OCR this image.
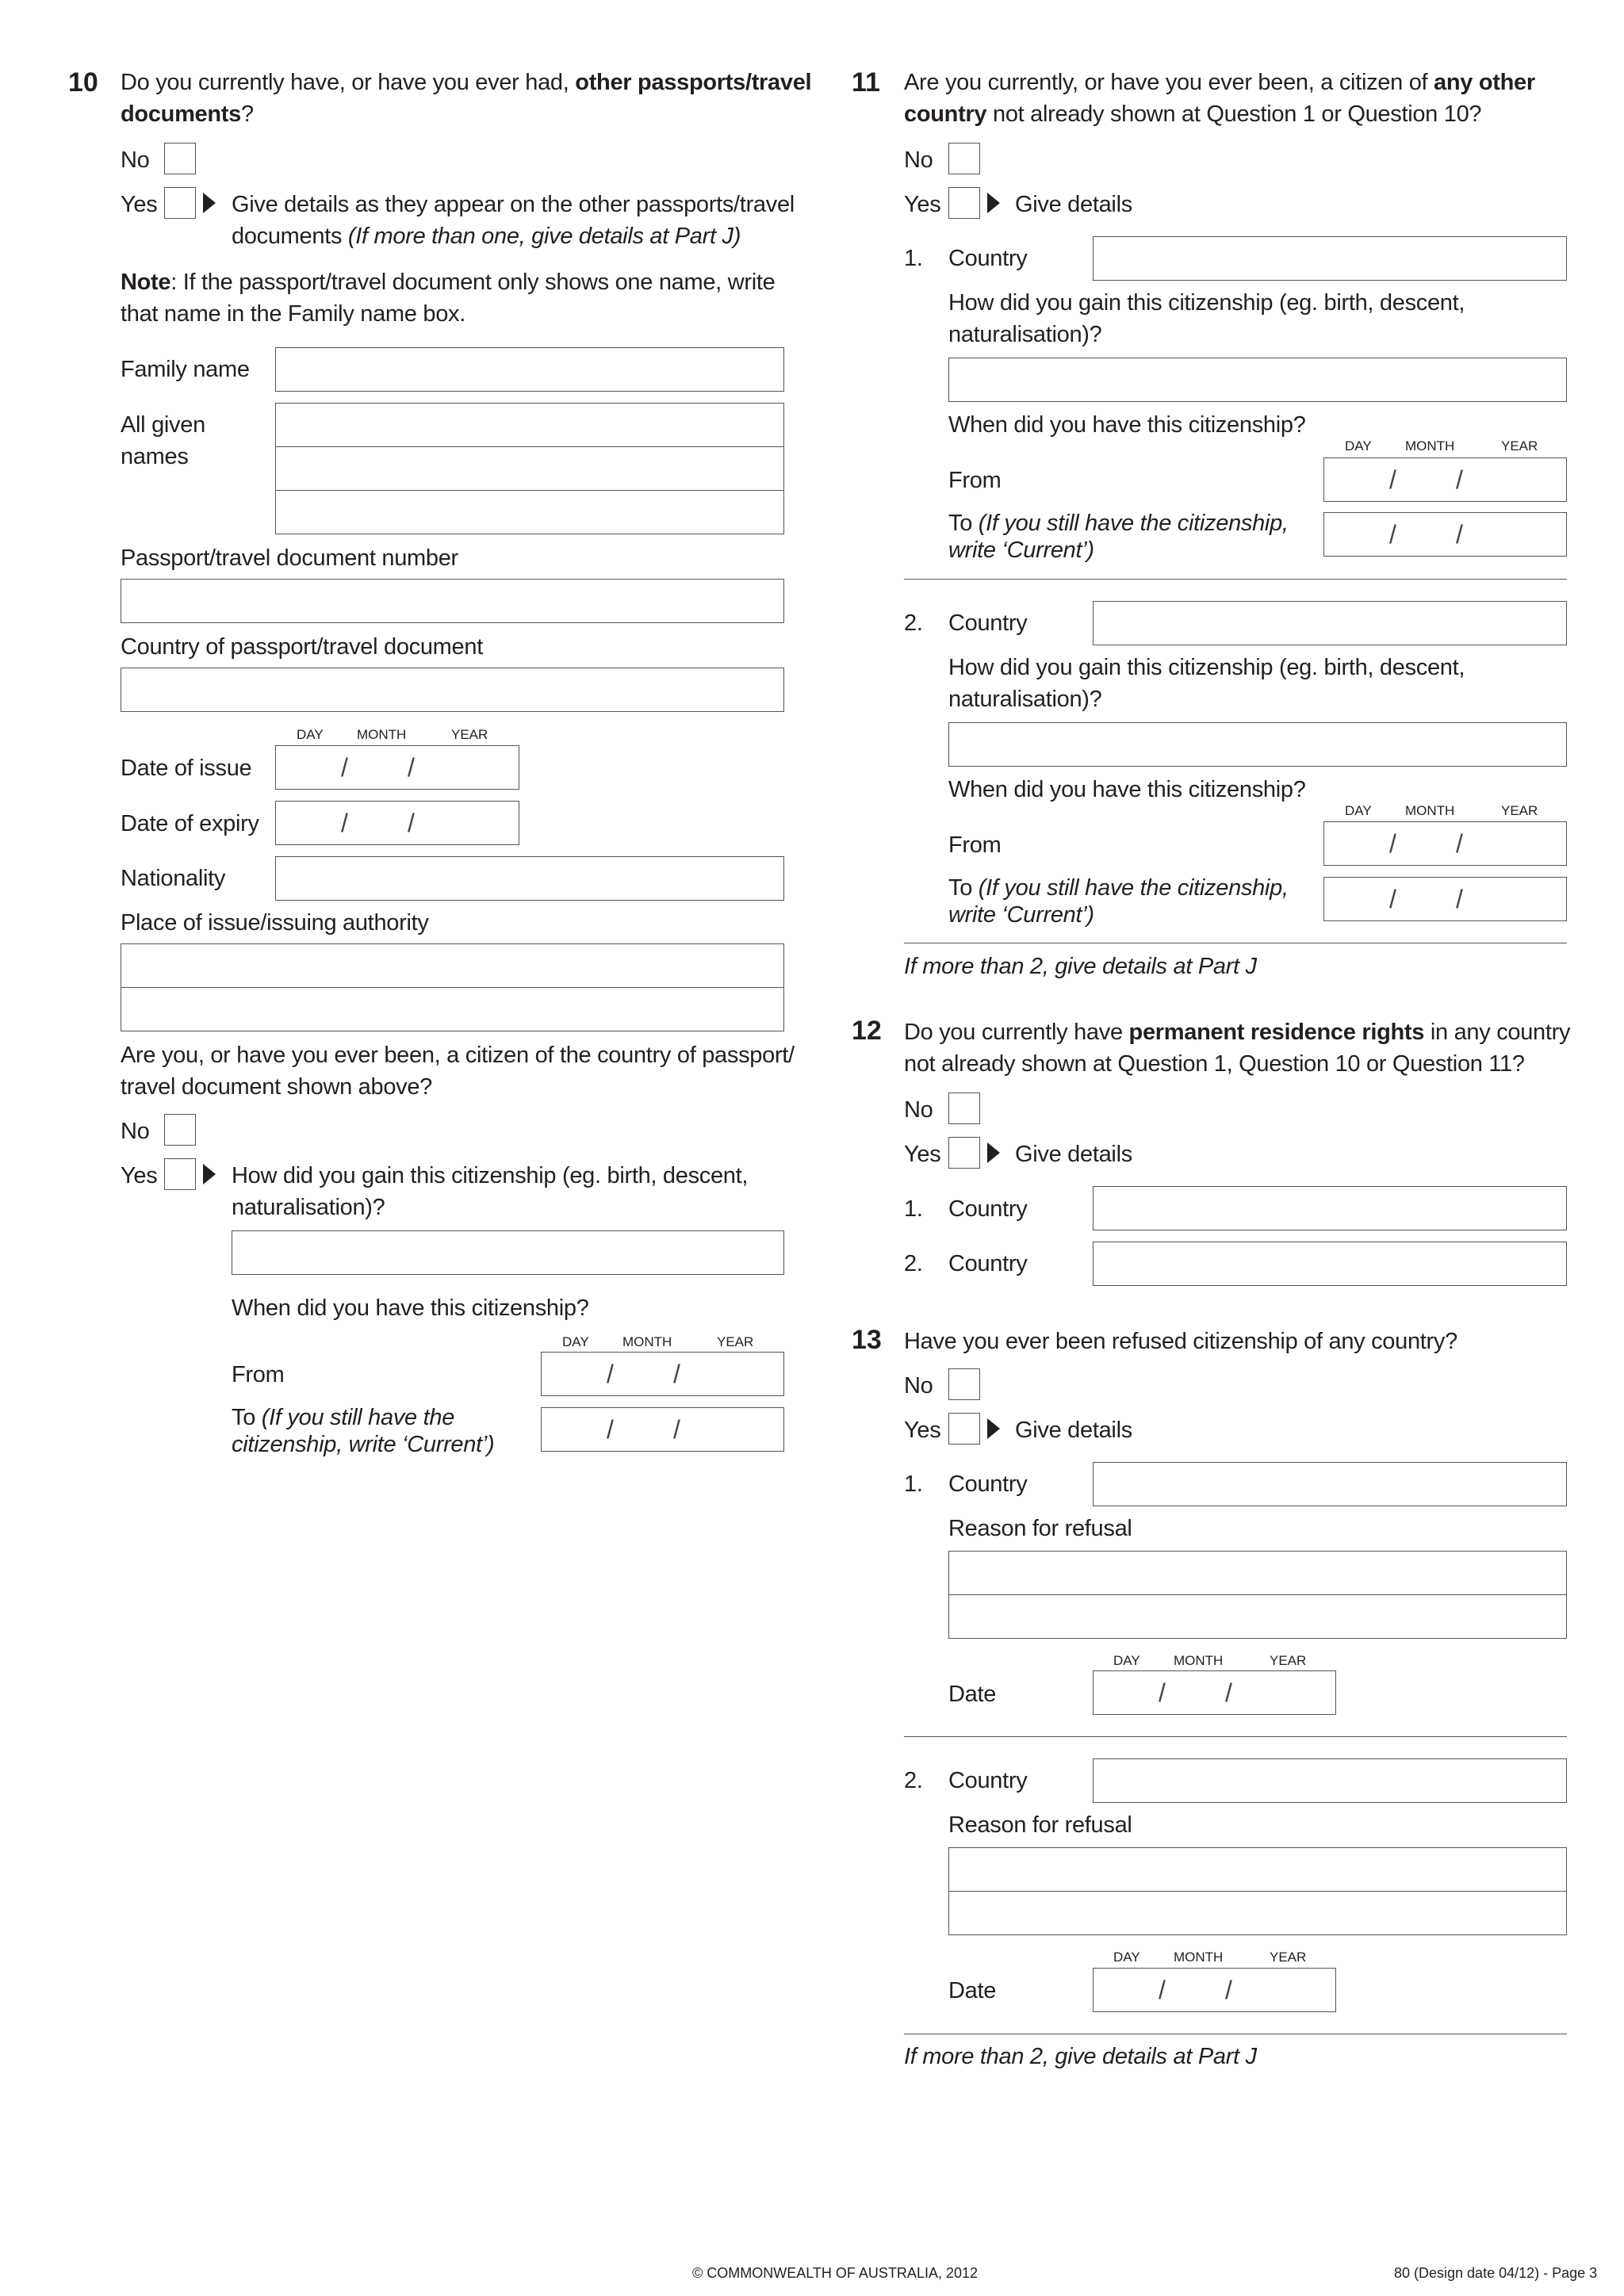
10 Do you currently have, or have you ever had, other passports/travel
documents?
No
Yes	Give details as they appear on the other passports/travel
documents (If more than one, give details at Part J)
Note: If the passport/travel document only shows one name, write
that name in the Family name box.
Family name
All given
names
Passport/travel document number
Country of passport/travel document
DAY MONTH	YEAR
Date of issue	/ /
Date of expiry	/ /
Nationality
Place of issue/issuing authority
Are you, or have you ever been, a citizen of the country of passport/
travel document shown above?
No
Yes	How did you gain this citizenship (eg. birth, descent,
naturalisation)?
When did you have this citizenship?
DAY MONTH	YEAR
From	/ /
To (If you still have the
citizenship, write ‘Current’)
/ /
11 Are you currently, or have you ever been, a citizen of any other
country not already shown at Question 1 or Question 10?
No
Yes	Give details
1. Country
How did you gain this citizenship (eg. birth, descent,
naturalisation)?
When did you have this citizenship?
DAY MONTH	YEAR
From	/ /
To (If you still have the citizenship,
write ‘Current’)
/ /
2. Country
How did you gain this citizenship (eg. birth, descent,
naturalisation)?
When did you have this citizenship?
DAY MONTH	YEAR
From	/ /
To (If you still have the citizenship,
write ‘Current’)
/ /
If more than 2, give details at Part J
12 Do you currently have permanent residence rights in any country
not already shown at Question 1, Question 10 or Question 11?
No
Yes	Give details
1. Country
2. Country
13 Have you ever been refused citizenship of any country?
No
Yes	Give details
1. Country
Reason for refusal
DAY MONTH	YEAR
Date	/ /
2. Country
Reason for refusal
DAY MONTH	YEAR
Date	/ /
If more than 2, give details at Part J
© COMMONWEALTH OF AUSTRALIA, 2012	80 (Design date 04/12) - Page 3
